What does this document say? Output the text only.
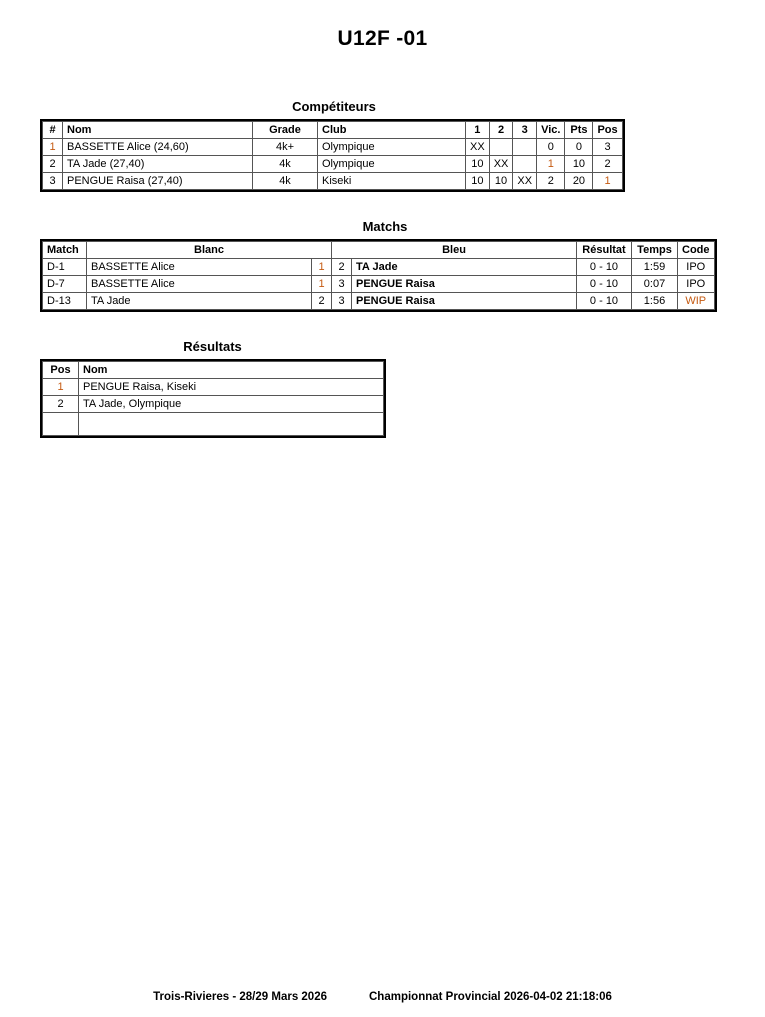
U12F -01
Compétiteurs
#	Nom	Grade	Club	1	2	3	Vic.	Pts	Pos
1	BASSETTE Alice (24,60)	4k+	Olympique	XX			0	0	3
2	TA Jade (27,40)	4k	Olympique	10	XX		1	10	2
3	PENGUE Raisa (27,40)	4k	Kiseki	10	10	XX	2	20	1
Matchs
Match	Blanc		Bleu		Résultat	Temps	Code
D-1	BASSETTE Alice	1	2	TA Jade	0 - 10	1:59	IPO
D-7	BASSETTE Alice	1	3	PENGUE Raisa	0 - 10	0:07	IPO
D-13	TA Jade	2	3	PENGUE Raisa	0 - 10	1:56	WIP
Résultats
Pos	Nom
1	PENGUE Raisa, Kiseki
2	TA Jade, Olympique

Trois-Rivieres - 28/29 Mars 2026	Championnat Provincial 2026-04-02 21:18:06
